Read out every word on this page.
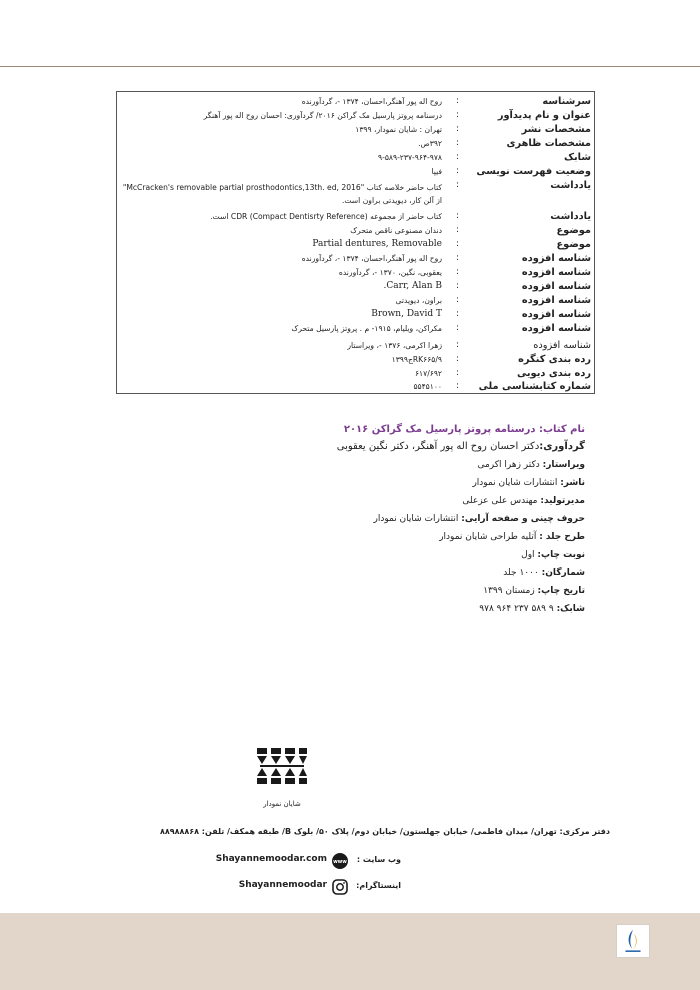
سرشناسه
:
روح اله پور آهنگر،احسان، ۱۳۷۴ -، گردآورنده
عنوان و نام پدیدآور
:
درسنامه پروتز پارسیل مک گراکن ۲۰۱۶/ گردآوری: احسان روح اله پور آهنگر
مشخصات نشر
:
تهران : شایان نمودار، ۱۳۹۹
مشخصات ظاهری
:
۳۹۲ص.
شابک
:
۹-۵۸۹-۲۳۷-۹۶۴-۹۷۸
وضعیت فهرست نویسی
:
فیپا
یادداشت
:
کتاب حاضر خلاصه کتاب "McCracken's removable partial prosthodontics,13th. ed, 2016" از آلن کار، دیویدتی براون است.
یادداشت
:
کتاب حاضر از مجموعه (CDR (Compact Dentisrty Reference است.
موضوع
:
دندان مصنوعی ناقص متحرک
موضوع
:
Partial dentures, Removable
شناسه افزوده
:
روح اله پور آهنگر،احسان، ۱۳۷۴ -، گردآورنده
شناسه افزوده
:
یعقوبی، نگین، ۱۳۷۰ -، گردآورنده
شناسه افزوده
:
Carr, Alan B.
شناسه افزوده
:
براون، دیویدتی
شناسه افزوده
:
Brown, David T
شناسه افزوده
:
مکراکن، ویلیام، ۱۹۱۵- م . پروتز پارسیل متحرک
شناسه افزوده
:
زهرا اکرمی، ۱۳۷۶ -، ویراستار
رده بندی کنگره
:
RK۶۶۵/۹ج۱۳۹۹
رده بندی دیویی
:
۶۱۷/۶۹۲
شماره کتابشناسی ملی
:
۵۵۴۵۱۰۰
نام کتاب: درسنامه پروتز پارسیل مک گراکن ۲۰۱۶
گردآوری:دکتر احسان روح اله پور آهنگر، دکتر نگین یعقوبی
ویراستار: دکتر زهرا اکرمی
ناشر: انتشارات شایان نمودار
مدیرتولید: مهندس علی عزعلی
حروف چینی و صفحه آرایی: انتشارات شایان نمودار
طرح جلد : آتلیه طراحی شایان نمودار
نوبت چاپ: اول
شمارگان: ۱۰۰۰ جلد
تاریخ چاپ: زمستان ۱۳۹۹
شابک: ۹ ۵۸۹ ۲۳۷ ۹۶۴ ۹۷۸
شایان نمودار
دفتر مرکزی: تهران/ میدان فاطمی/ خیابان جهلستون/ خیابان دوم/ پلاک ۵۰/ بلوک B/ طبقه همکف/ تلفن: ۸۸۹۸۸۸۶۸
وب سایت :
www
Shayannemoodar.com
اینستاگرام:
Shayannemoodar
